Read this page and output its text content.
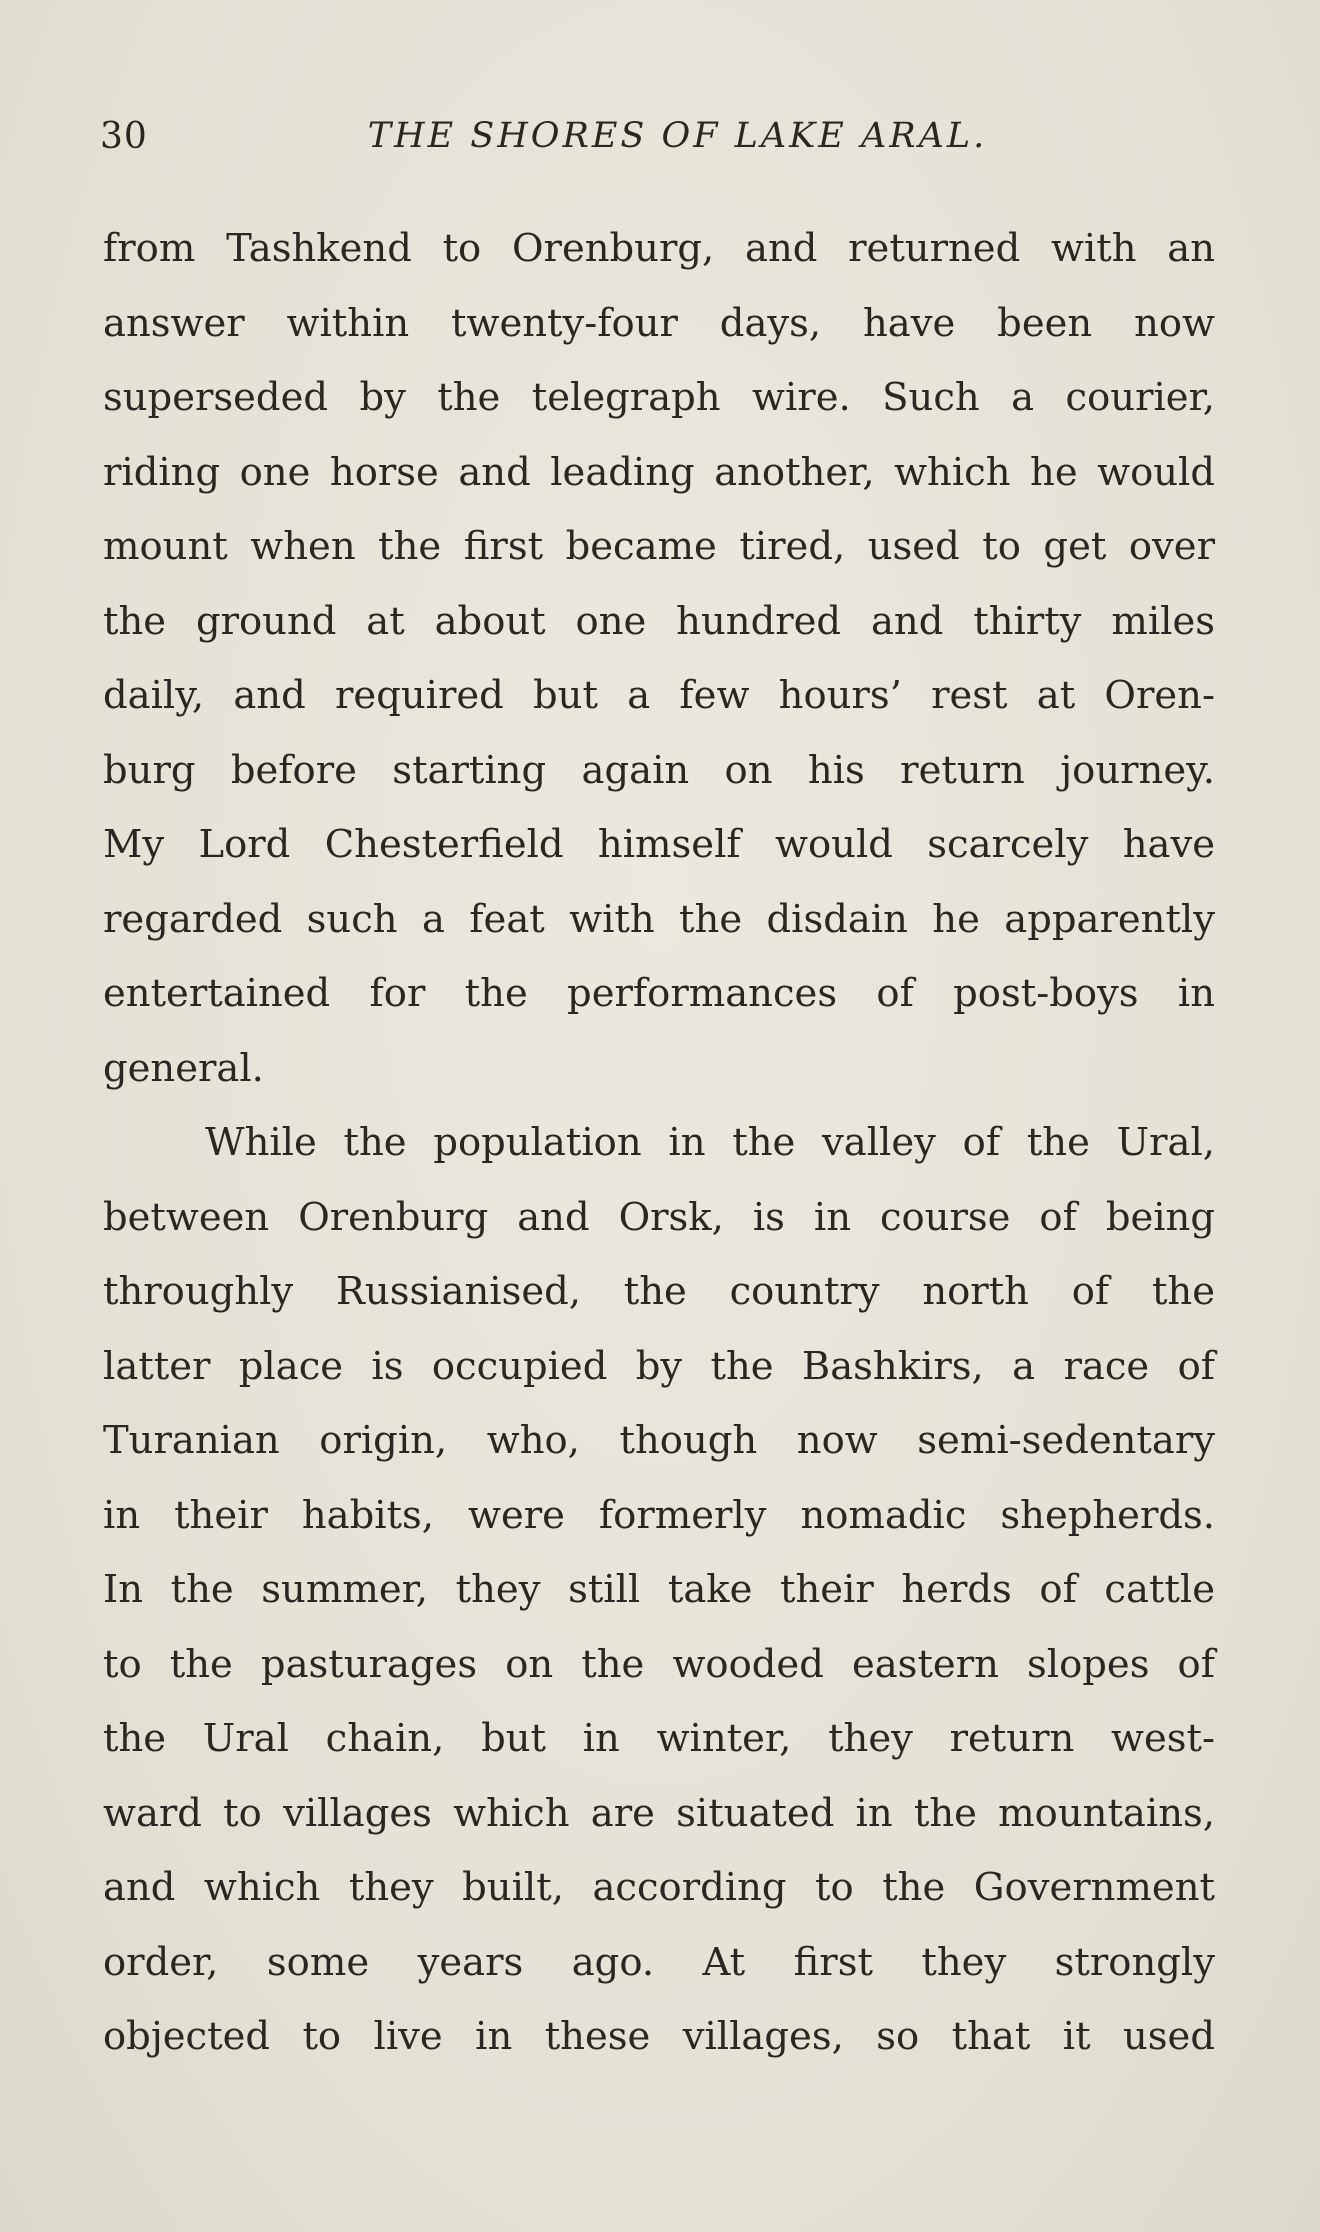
30	THE SHORES OF LAKE ARAL.
from Tashkend to Orenburg, and returned with an
answer within twenty-four days, have been now
superseded by the telegraph wire. Such a courier,
riding one horse and leading another, which he would
mount when the first became tired, used to get over
the ground at about one hundred and thirty miles
daily, and required but a few hours’ rest at Oren-
burg before starting again on his return journey.
My Lord Chesterfield himself would scarcely have
regarded such a feat with the disdain he apparently
entertained for the performances of post-boys in
general.
While the population in the valley of the Ural,
between Orenburg and Orsk, is in course of being
throughly Russianised, the country north of the
latter place is occupied by the Bashkirs, a race of
Turanian origin, who, though now semi-sedentary
in their habits, were formerly nomadic shepherds.
In the summer, they still take their herds of cattle
to the pasturages on the wooded eastern slopes of
the Ural chain, but in winter, they return west-
ward to villages which are situated in the mountains,
and which they built, according to the Government
order, some years ago. At first they strongly
objected to live in these villages, so that it used
